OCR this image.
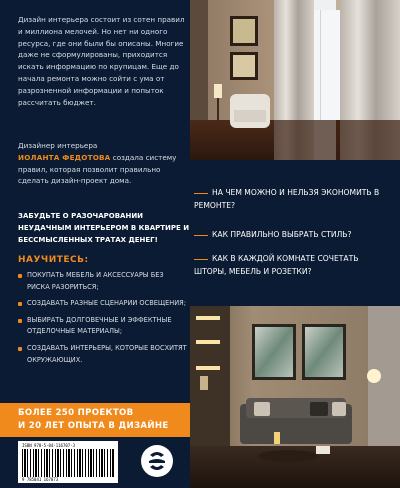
Дизайн интерьера состоит из сотен правил и миллиона мелочей. Но нет ни одного ресурса, где они были бы описаны. Многие даже не сформулированы, приходится искать информацию по крупицам. Еще до начала ремонта можно сойти с ума от разрозненной информации и попыток рассчитать бюджет.

Дизайнер интерьера
ИОЛАНТА ФЕДОТОВА создала систему правил, которая позволит правильно сделать дизайн-проект дома.

ЗАБУДЬТЕ О РАЗОЧАРОВАНИИ НЕУДАЧНЫМ ИНТЕРЬЕРОМ В КВАРТИРЕ И БЕССМЫСЛЕННЫХ ТРАТАХ ДЕНЕГ!

НАУЧИТЕСЬ:
ПОКУПАТЬ МЕБЕЛЬ И АКСЕССУАРЫ БЕЗ РИСКА РАЗОРИТЬСЯ;
СОЗДАВАТЬ РАЗНЫЕ СЦЕНАРИИ ОСВЕЩЕНИЯ;
ВЫБИРАТЬ ДОЛГОВЕЧНЫЕ И ЭФФЕКТНЫЕ ОТДЕЛОЧНЫЕ МАТЕРИАЛЫ;
СОЗДАВАТЬ ИНТЕРЬЕРЫ, КОТОРЫЕ ВОСХИТЯТ ОКРУЖАЮЩИХ.
БОЛЕЕ 250 ПРОЕКТОВ
И 20 ЛЕТ ОПЫТА В ДИЗАЙНЕ
ISBN 978-5-04-116707-3
9 785041 167073

НА ЧЕМ МОЖНО И НЕЛЬЗЯ ЭКОНОМИТЬ В РЕМОНТЕ?

КАК ПРАВИЛЬНО ВЫБРАТЬ СТИЛЬ?

КАК В КАЖДОЙ КОМНАТЕ СОЧЕТАТЬ ШТОРЫ, МЕБЕЛЬ И РОЗЕТКИ?
